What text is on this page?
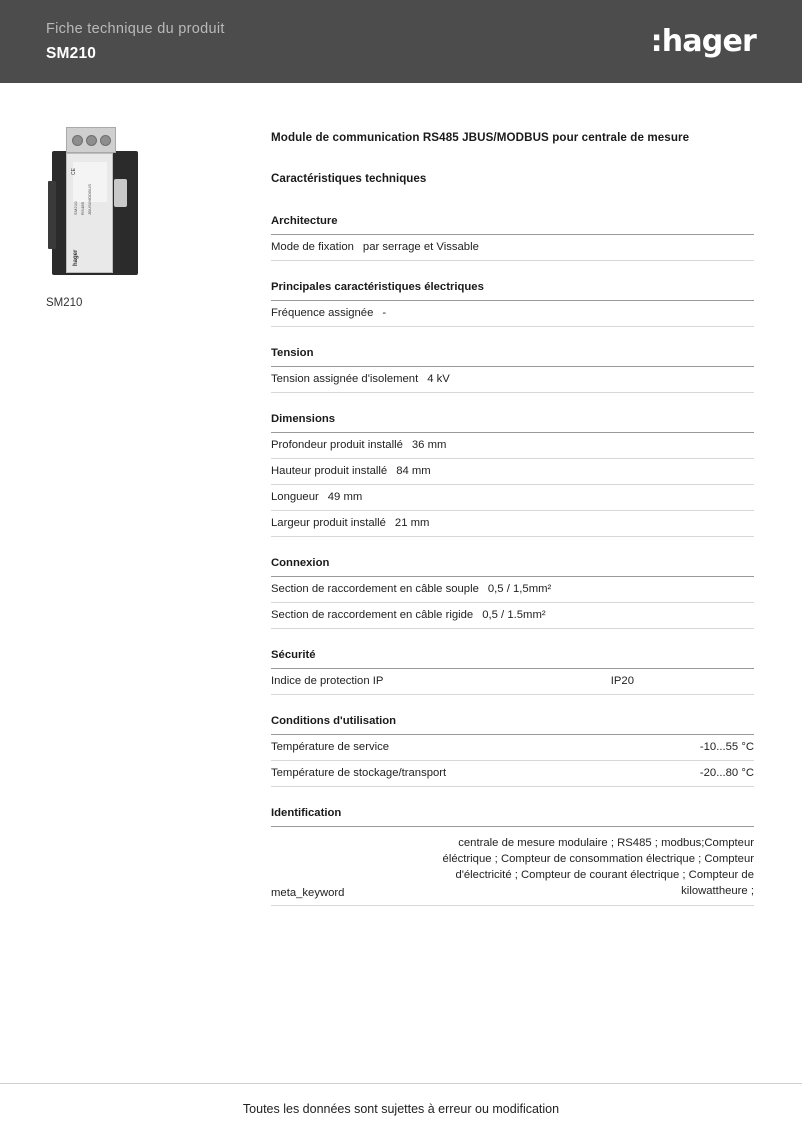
Fiche technique du produit
SM210	:hager
CE
SM210 RS485 JBUS/MODBUS
hager
SM210
Module de communication RS485 JBUS/MODBUS pour centrale de mesure
Caractéristiques techniques
Architecture
Mode de fixation par serrage et Vissable
Principales caractéristiques électriques
Fréquence assignée -
Tension
Tension assignée d'isolement 4 kV
Dimensions
Profondeur produit installé 36 mm
Hauteur produit installé 84 mm
Longueur 49 mm
Largeur produit installé 21 mm
Connexion
Section de raccordement en câble souple 0,5 / 1,5mm²
Section de raccordement en câble rigide 0,5 / 1.5mm²
Sécurité
Indice de protection IP	IP20
Conditions d'utilisation
Température de service	-10...55 °C
Température de stockage/transport	-20...80 °C
Identification
meta_keyword
centrale de mesure modulaire ; RS485 ; modbus;Compteur éléctrique ; Compteur de consommation électrique ; Compteur d'électricité ; Compteur de courant électrique ; Compteur de kilowattheure ;
Toutes les données sont sujettes à erreur ou modification
